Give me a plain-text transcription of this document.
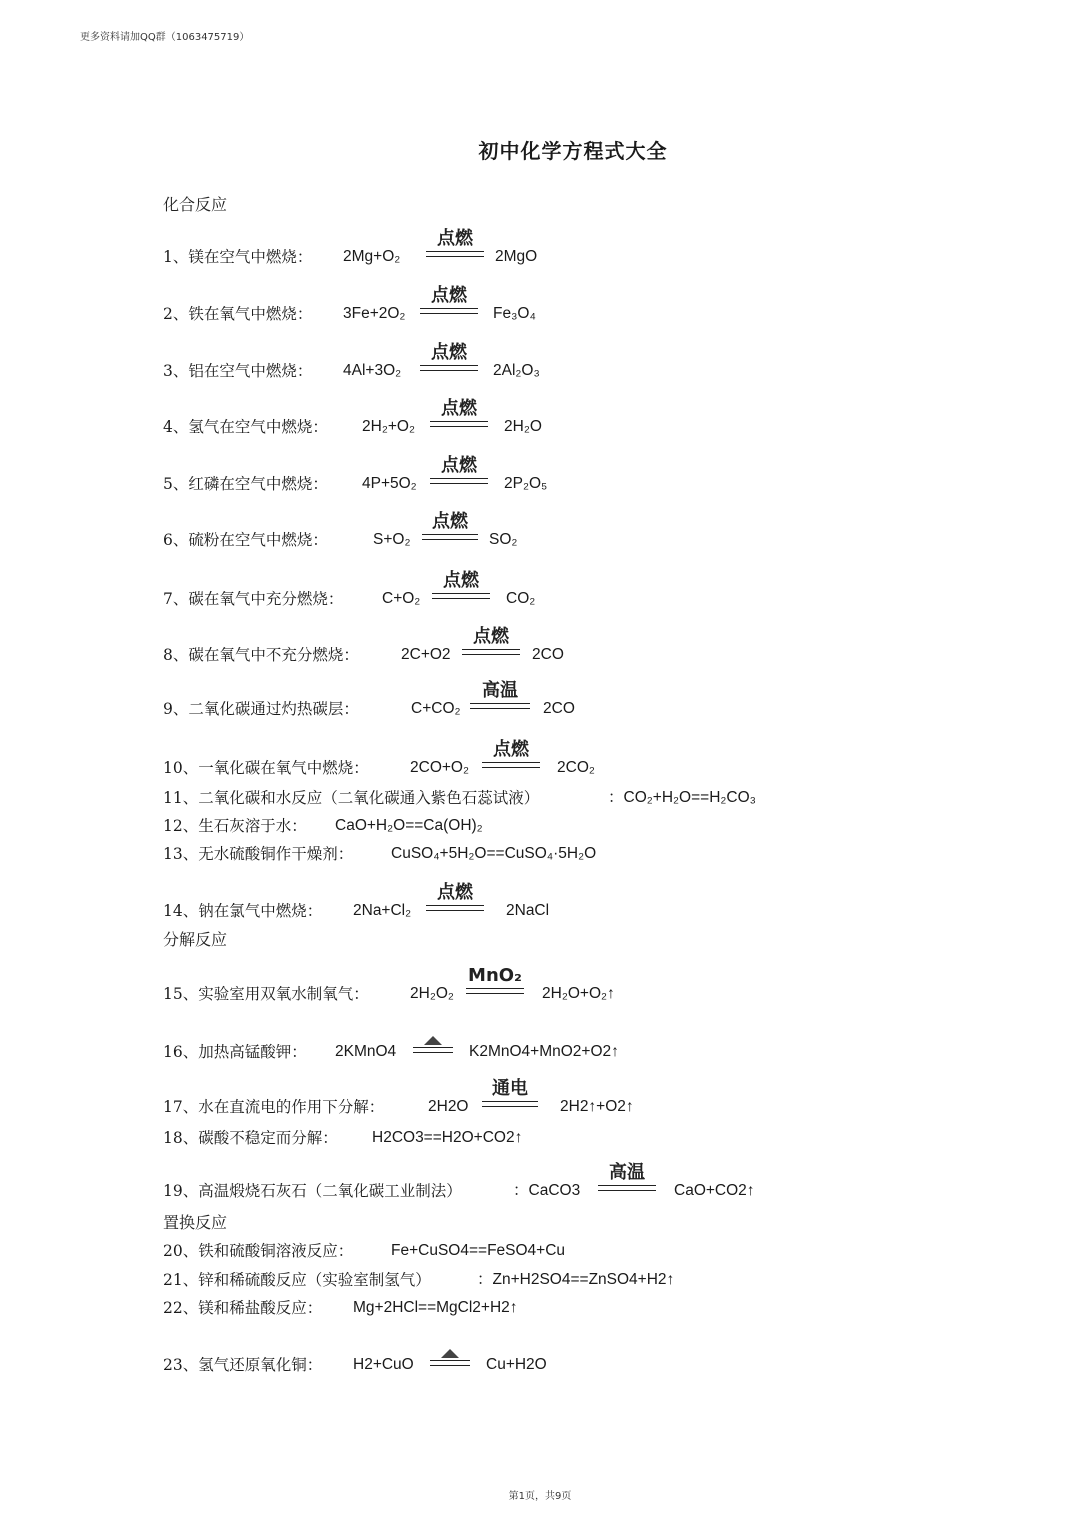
更多资料请加QQ群（1063475719）
初中化学方程式大全
化合反应
分解反应
置换反应
1、镁在空气中燃烧： 2Mg+O₂
点燃
2MgO
2、铁在氧气中燃烧： 3Fe+2O₂
点燃
Fe₃O₄
3、铝在空气中燃烧： 4Al+3O₂
点燃
2Al₂O₃
4、氢气在空气中燃烧： 2H₂+O₂
点燃
2H₂O
5、红磷在空气中燃烧： 4P+5O₂
点燃
2P₂O₅
6、硫粉在空气中燃烧：	S+O₂
点燃
SO₂
7、碳在氧气中充分燃烧： C+O₂
点燃
CO₂
8、碳在氧气中不充分燃烧：	2C+O2
点燃
2CO
9、二氧化碳通过灼热碳层：	C+CO₂
高温
2CO
10、一氧化碳在氧气中燃烧：	2CO+O₂
点燃
2CO₂
11、二氧化碳和水反应（二氧化碳通入紫色石蕊试液）	：CO₂+H₂O==H₂CO₃
12、生石灰溶于水： CaO+H₂O==Ca(OH)₂
13、无水硫酸铜作干燥剂： CuSO₄+5H₂O==CuSO₄·5H₂O
14、钠在氯气中燃烧： 2Na+Cl₂
点燃
2NaCl
15、实验室用双氧水制氧气：	2H₂O₂
MnO₂
2H₂O+O₂↑
16、加热高锰酸钾： 2KMnO4	K2MnO4+MnO2+O2↑
17、水在直流电的作用下分解：	2H2O
通电
2H2↑+O2↑
18、碳酸不稳定而分解： H2CO3==H2O+CO2↑
19、高温煅烧石灰石（二氧化碳工业制法）	：CaCO3
高温
CaO+CO2↑
20、铁和硫酸铜溶液反应： Fe+CuSO4==FeSO4+Cu
21、锌和稀硫酸反应（实验室制氢气）	：Zn+H2SO4==ZnSO4+H2↑
22、镁和稀盐酸反应： Mg+2HCl==MgCl2+H2↑
23、氢气还原氧化铜： H2+CuO	Cu+H2O
第1页，共9页
